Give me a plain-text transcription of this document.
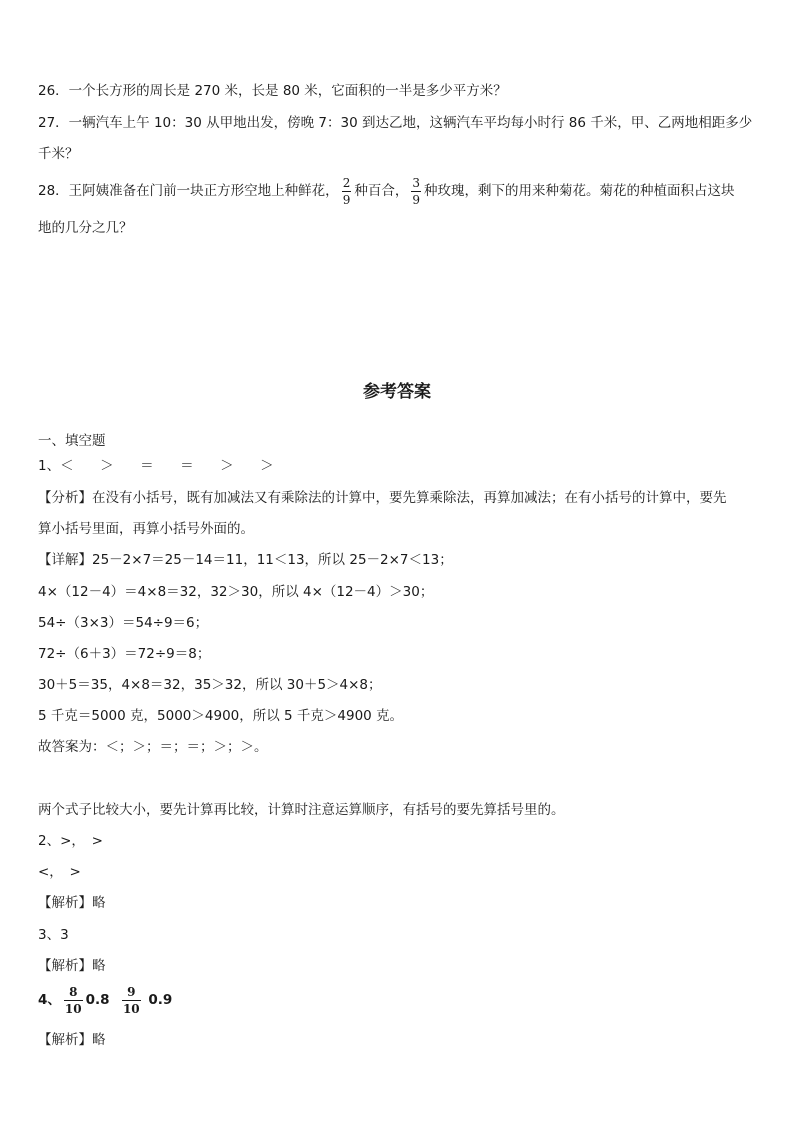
26．一个长方形的周长是 270 米，长是 80 米，它面积的一半是多少平方米？
27．一辆汽车上午 10：30 从甲地出发，傍晚 7：30 到达乙地，这辆汽车平均每小时行 86 千米，甲、乙两地相距多少
千米？
28．王阿姨准备在门前一块正方形空地上种鲜花， $\frac{2}{9}$ 种百合， $\frac{3}{9}$ 种玫瑰，剩下的用来种菊花。菊花的种植面积占这块
地的几分之几？
参考答案
一、填空题
1、＜ ＞ ＝ ＝ ＞ ＞
【分析】在没有小括号，既有加减法又有乘除法的计算中，要先算乘除法，再算加减法；在有小括号的计算中，要先
算小括号里面，再算小括号外面的。
【详解】25－2×7＝25－14＝11，11＜13，所以 25－2×7＜13；
4×（12－4）＝4×8＝32，32＞30，所以 4×（12－4）＞30；
54÷（3×3）＝54÷9＝6；
72÷（6＋3）＝72÷9＝8；
30＋5＝35，4×8＝32，35＞32，所以 30＋5＞4×8；
5 千克＝5000 克，5000＞4900，所以 5 千克＞4900 克。
故答案为：＜；＞；＝；＝；＞；＞。
两个式子比较大小，要先计算再比较，计算时注意运算顺序，有括号的要先算括号里的。
2、>，　>
<，　>
【解析】略
3、3
【解析】略
4、 $\frac{8}{10} 0.8 \frac{9}{10} 0.9$
【解析】略
